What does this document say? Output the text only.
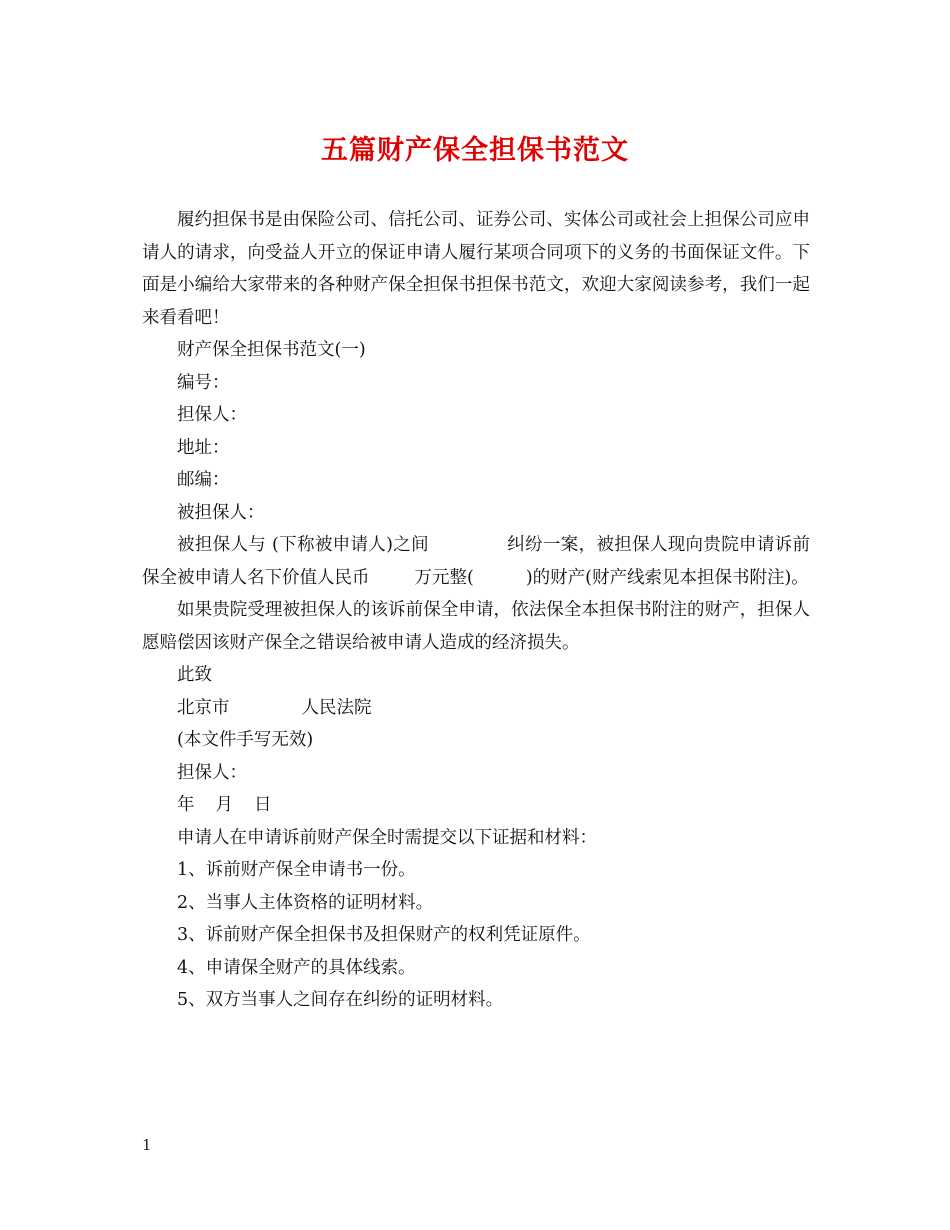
五篇财产保全担保书范文

履约担保书是由保险公司、信托公司、证券公司、实体公司或社会上担保公司应申请人的请求，向受益人开立的保证申请人履行某项合同项下的义务的书面保证文件。下面是小编给大家带来的各种财产保全担保书担保书范文，欢迎大家阅读参考，我们一起来看看吧！

财产保全担保书范文(一)

编号：

担保人：

地址：

邮编：

被担保人：

被担保人与 (下称被申请人)之间	纠纷一案，被担保人现向贵院申请诉前保全被申请人名下价值人民币	万元整(	)的财产(财产线索见本担保书附注)。

如果贵院受理被担保人的该诉前保全申请，依法保全本担保书附注的财产，担保人愿赔偿因该财产保全之错误给被申请人造成的经济损失。

此致

北京市	人民法院

(本文件手写无效)

担保人：

年 月 日

申请人在申请诉前财产保全时需提交以下证据和材料：

1、诉前财产保全申请书一份。

2、当事人主体资格的证明材料。

3、诉前财产保全担保书及担保财产的权利凭证原件。

4、申请保全财产的具体线索。

5、双方当事人之间存在纠纷的证明材料。

1
